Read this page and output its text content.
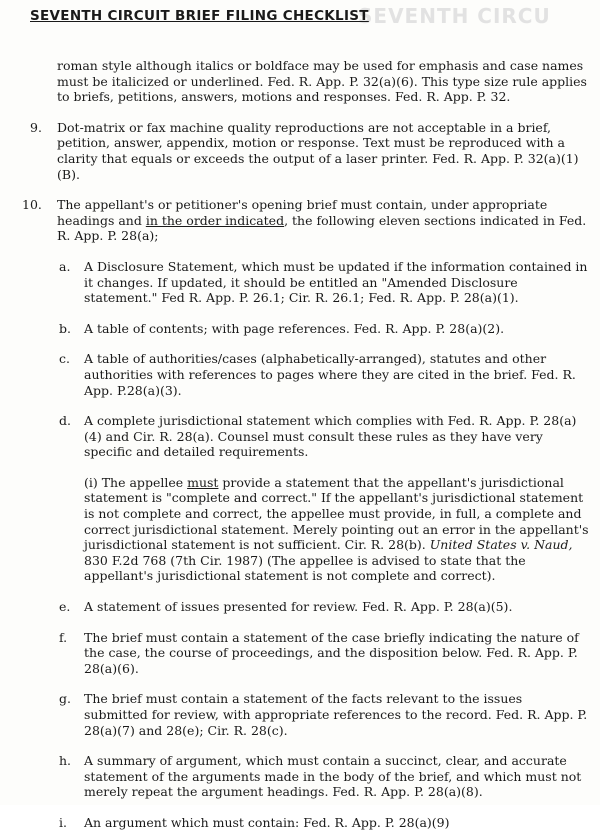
SEVENTH CIRCU
SEVENTH CIRCUIT BRIEF FILING CHECKLIST

roman style although italics or boldface may be used for emphasis and case names must be italicized or underlined. Fed. R. App. P. 32(a)(6). This type size rule applies to briefs, petitions, answers, motions and responses. Fed. R. App. P. 32.

9. Dot-matrix or fax machine quality reproductions are not acceptable in a brief, petition, answer, appendix, motion or response. Text must be reproduced with a clarity that equals or exceeds the output of a laser printer. Fed. R. App. P. 32(a)(1)(B).
10. The appellant's or petitioner's opening brief must contain, under appropriate headings and in the order indicated, the following eleven sections indicated in Fed. R. App. P. 28(a);
a. A Disclosure Statement, which must be updated if the information contained in it changes. If updated, it should be entitled an "Amended Disclosure statement." Fed R. App. P. 26.1; Cir. R. 26.1; Fed. R. App. P. 28(a)(1).
b. A table of contents; with page references. Fed. R. App. P. 28(a)(2).
c. A table of authorities/cases (alphabetically-arranged), statutes and other authorities with references to pages where they are cited in the brief. Fed. R. App. P.28(a)(3).
d. A complete jurisdictional statement which complies with Fed. R. App. P. 28(a)(4) and Cir. R. 28(a). Counsel must consult these rules as they have very specific and detailed requirements.

(i) The appellee must provide a statement that the appellant's jurisdictional statement is "complete and correct." If the appellant's jurisdictional statement is not complete and correct, the appellee must provide, in full, a complete and correct jurisdictional statement. Merely pointing out an error in the appellant's jurisdictional statement is not sufficient. Cir. R. 28(b). United States v. Naud, 830 F.2d 768 (7th Cir. 1987) (The appellee is advised to state that the appellant's jurisdictional statement is not complete and correct).

e. A statement of issues presented for review. Fed. R. App. P. 28(a)(5).
f. The brief must contain a statement of the case briefly indicating the nature of the case, the course of proceedings, and the disposition below. Fed. R. App. P. 28(a)(6).
g. The brief must contain a statement of the facts relevant to the issues submitted for review, with appropriate references to the record. Fed. R. App. P. 28(a)(7) and 28(e); Cir. R. 28(c).
h. A summary of argument, which must contain a succinct, clear, and accurate statement of the arguments made in the body of the brief, and which must not merely repeat the argument headings. Fed. R. App. P. 28(a)(8).
i. An argument which must contain: Fed. R. App. P. 28(a)(9)
